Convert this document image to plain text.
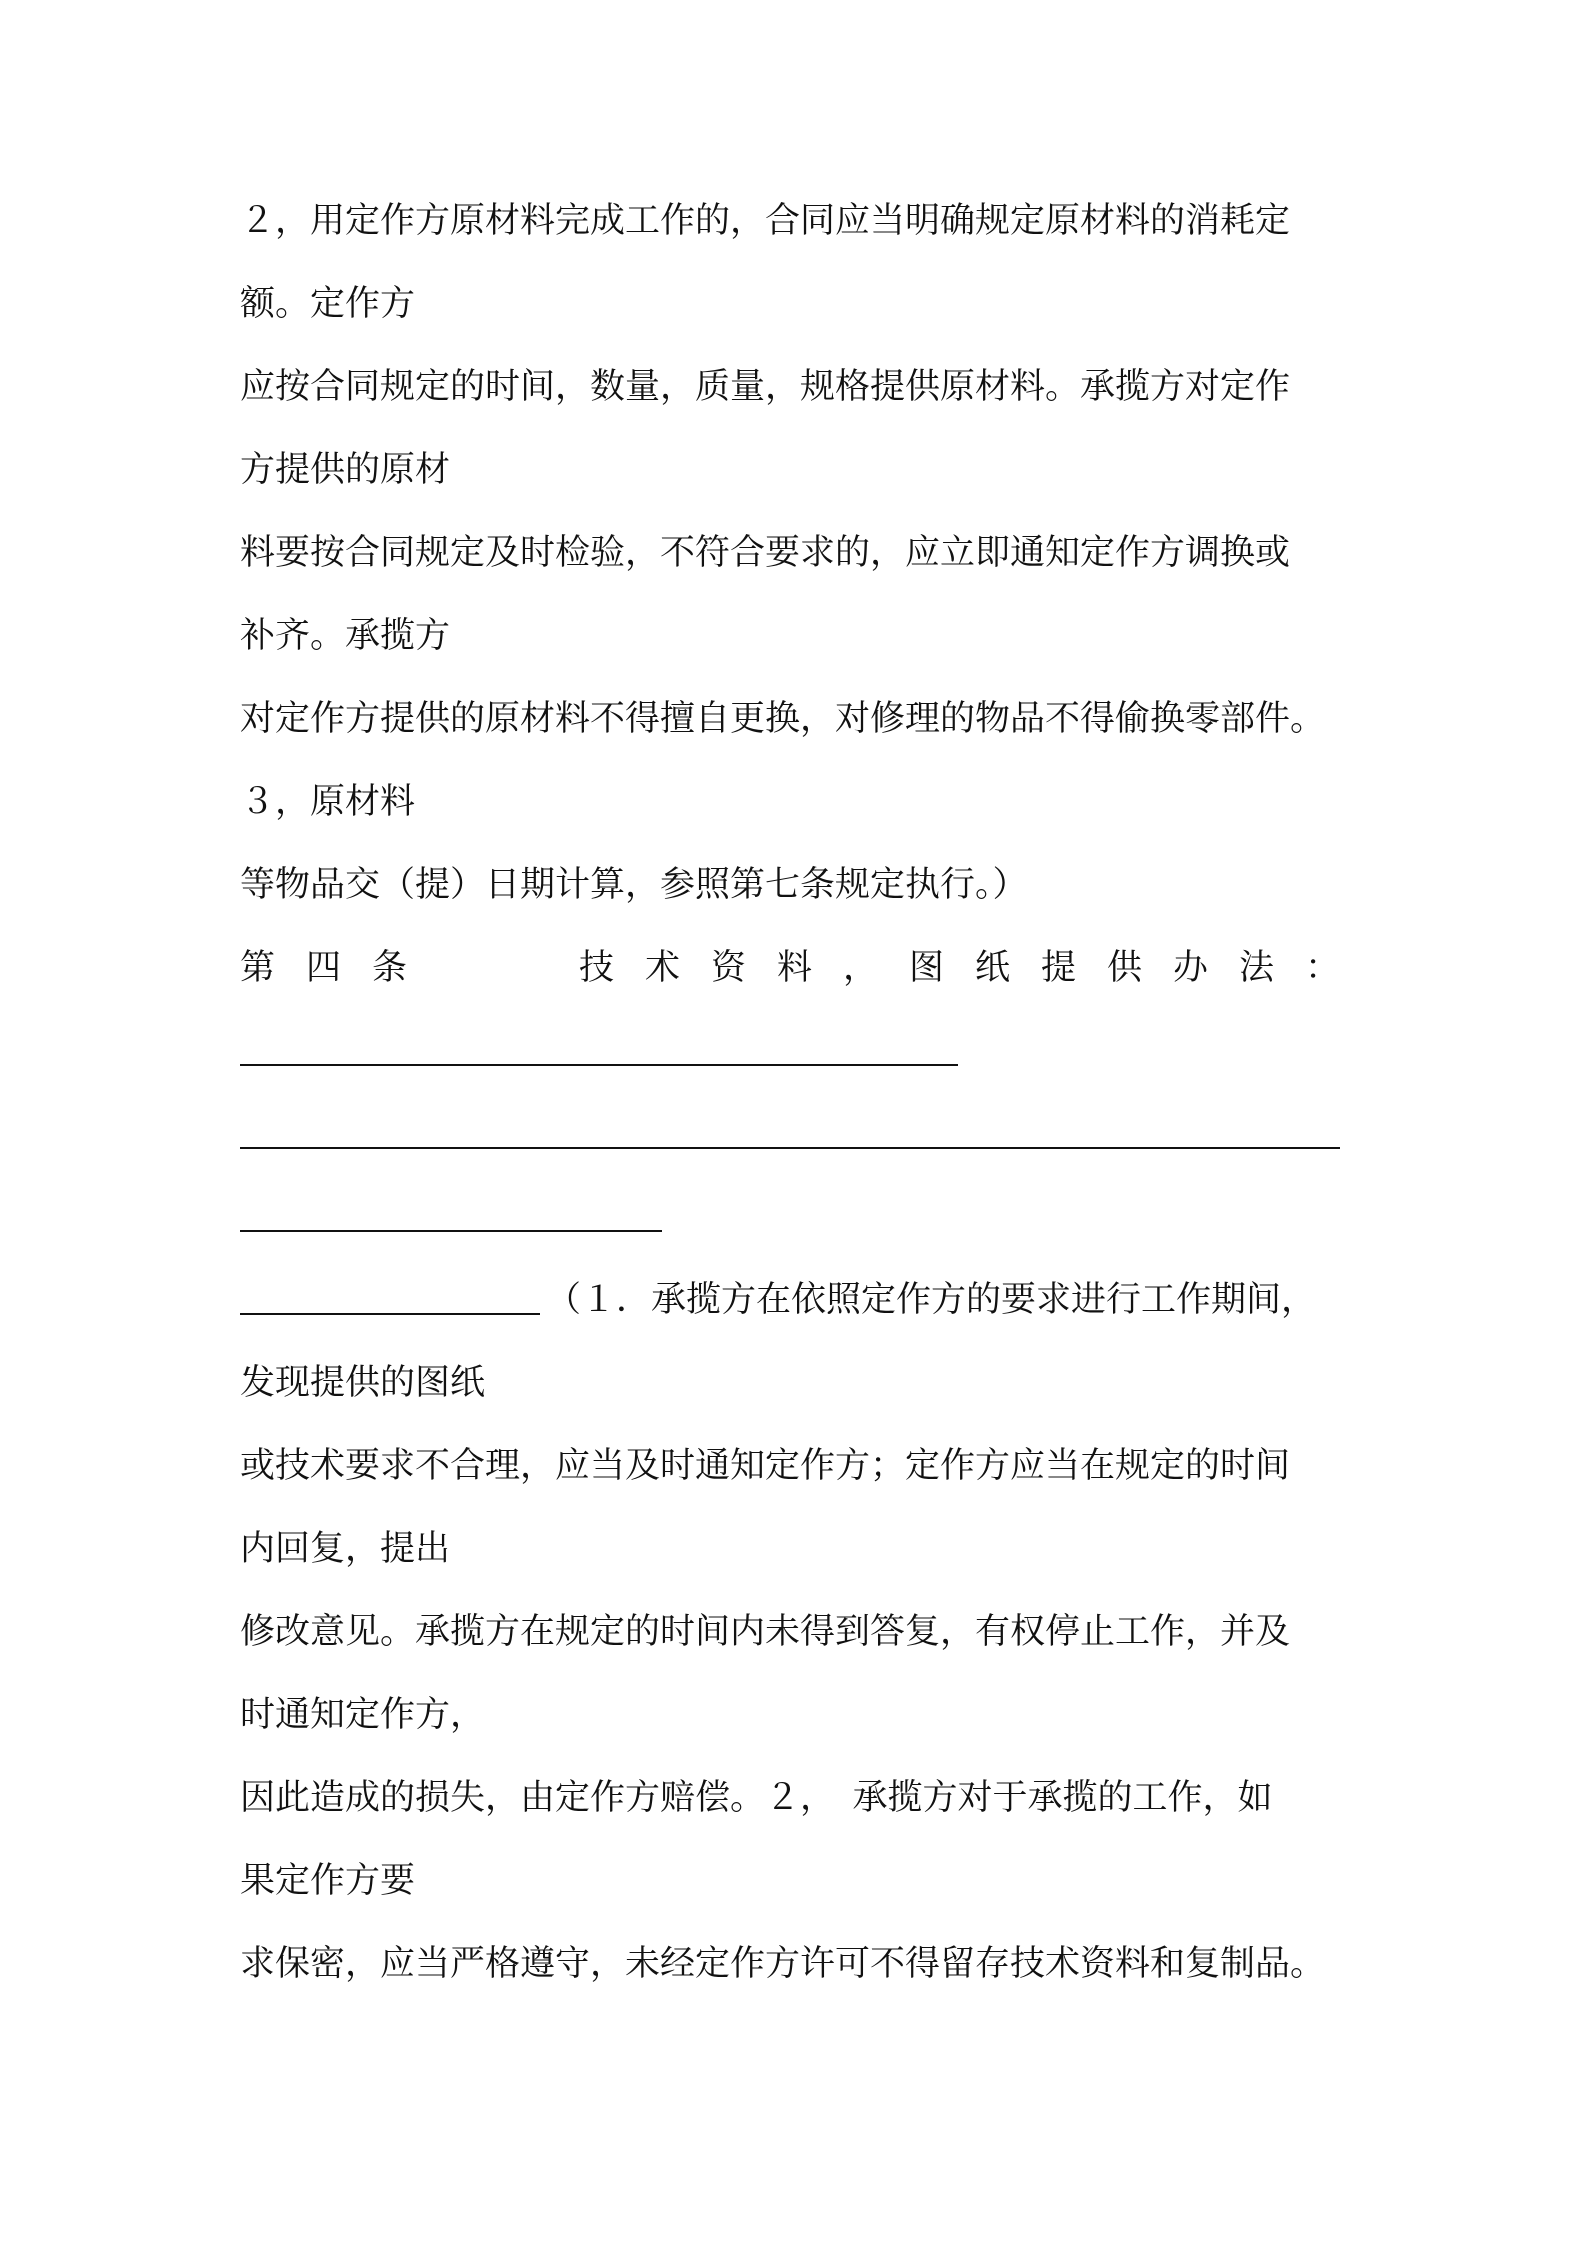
２，用定作方原材料完成工作的，合同应当明确规定原材料的消耗定
额。定作方
应按合同规定的时间，数量，质量，规格提供原材料。承揽方对定作
方提供的原材
料要按合同规定及时检验，不符合要求的，应立即通知定作方调换或
补齐。承揽方
对定作方提供的原材料不得擅自更换，对修理的物品不得偷换零部件。
３，原材料
等物品交（提）日期计算，参照第七条规定执行。）
第 四 条	技 术 资 料 ， 图 纸 提 供 办 法 ：
（１．承揽方在依照定作方的要求进行工作期间，
发现提供的图纸
或技术要求不合理，应当及时通知定作方；定作方应当在规定的时间
内回复，提出
修改意见。承揽方在规定的时间内未得到答复，有权停止工作，并及
时通知定作方，
因此造成的损失，由定作方赔偿。２，　承揽方对于承揽的工作，如
果定作方要
求保密，应当严格遵守，未经定作方许可不得留存技术资料和复制品。
